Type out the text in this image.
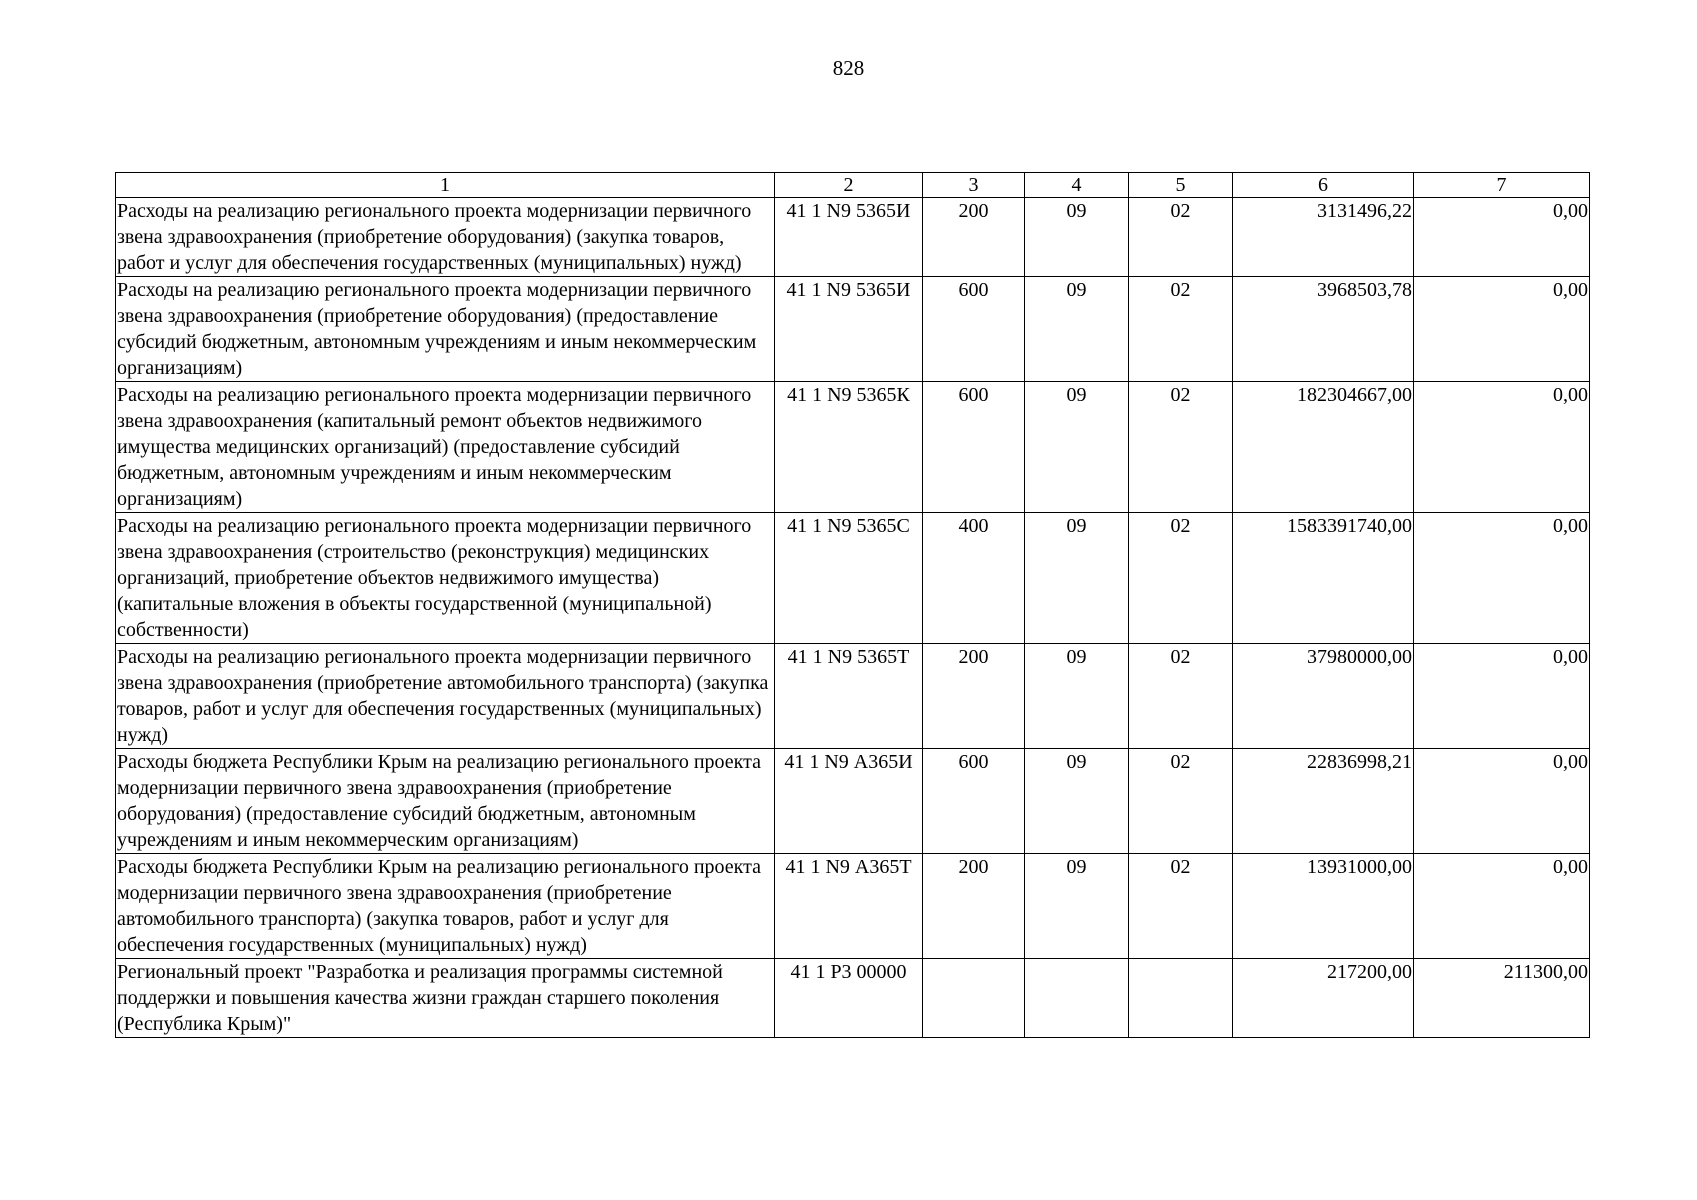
828
1	2	3	4	5	6	7
Расходы на реализацию регионального проекта модернизации первичного звена здравоохранения (приобретение оборудования) (закупка товаров, работ и услуг для обеспечения государственных (муниципальных) нужд)	41 1 N9 5365И	200	09	02	3131496,22	0,00
Расходы на реализацию регионального проекта модернизации первичного звена здравоохранения (приобретение оборудования) (предоставление субсидий бюджетным, автономным учреждениям и иным некоммерческим организациям)	41 1 N9 5365И	600	09	02	3968503,78	0,00
Расходы на реализацию регионального проекта модернизации первичного звена здравоохранения (капитальный ремонт объектов недвижимого имущества медицинских организаций) (предоставление субсидий бюджетным, автономным учреждениям и иным некоммерческим организациям)	41 1 N9 5365К	600	09	02	182304667,00	0,00
Расходы на реализацию регионального проекта модернизации первичного звена здравоохранения (строительство (реконструкция) медицинских организаций, приобретение объектов недвижимого имущества) (капитальные вложения в объекты государственной (муниципальной) собственности)	41 1 N9 5365С	400	09	02	1583391740,00	0,00
Расходы на реализацию регионального проекта модернизации первичного звена здравоохранения (приобретение автомобильного транспорта) (закупка товаров, работ и услуг для обеспечения государственных (муниципальных) нужд)	41 1 N9 5365Т	200	09	02	37980000,00	0,00
Расходы бюджета Республики Крым на реализацию регионального проекта модернизации первичного звена здравоохранения (приобретение оборудования) (предоставление субсидий бюджетным, автономным учреждениям и иным некоммерческим организациям)	41 1 N9 А365И	600	09	02	22836998,21	0,00
Расходы бюджета Республики Крым на реализацию регионального проекта модернизации первичного звена здравоохранения (приобретение автомобильного транспорта) (закупка товаров, работ и услуг для обеспечения государственных (муниципальных) нужд)	41 1 N9 А365Т	200	09	02	13931000,00	0,00
Региональный проект "Разработка и реализация программы системной поддержки и повышения качества жизни граждан старшего поколения (Республика Крым)"	41 1 P3 00000				217200,00	211300,00
